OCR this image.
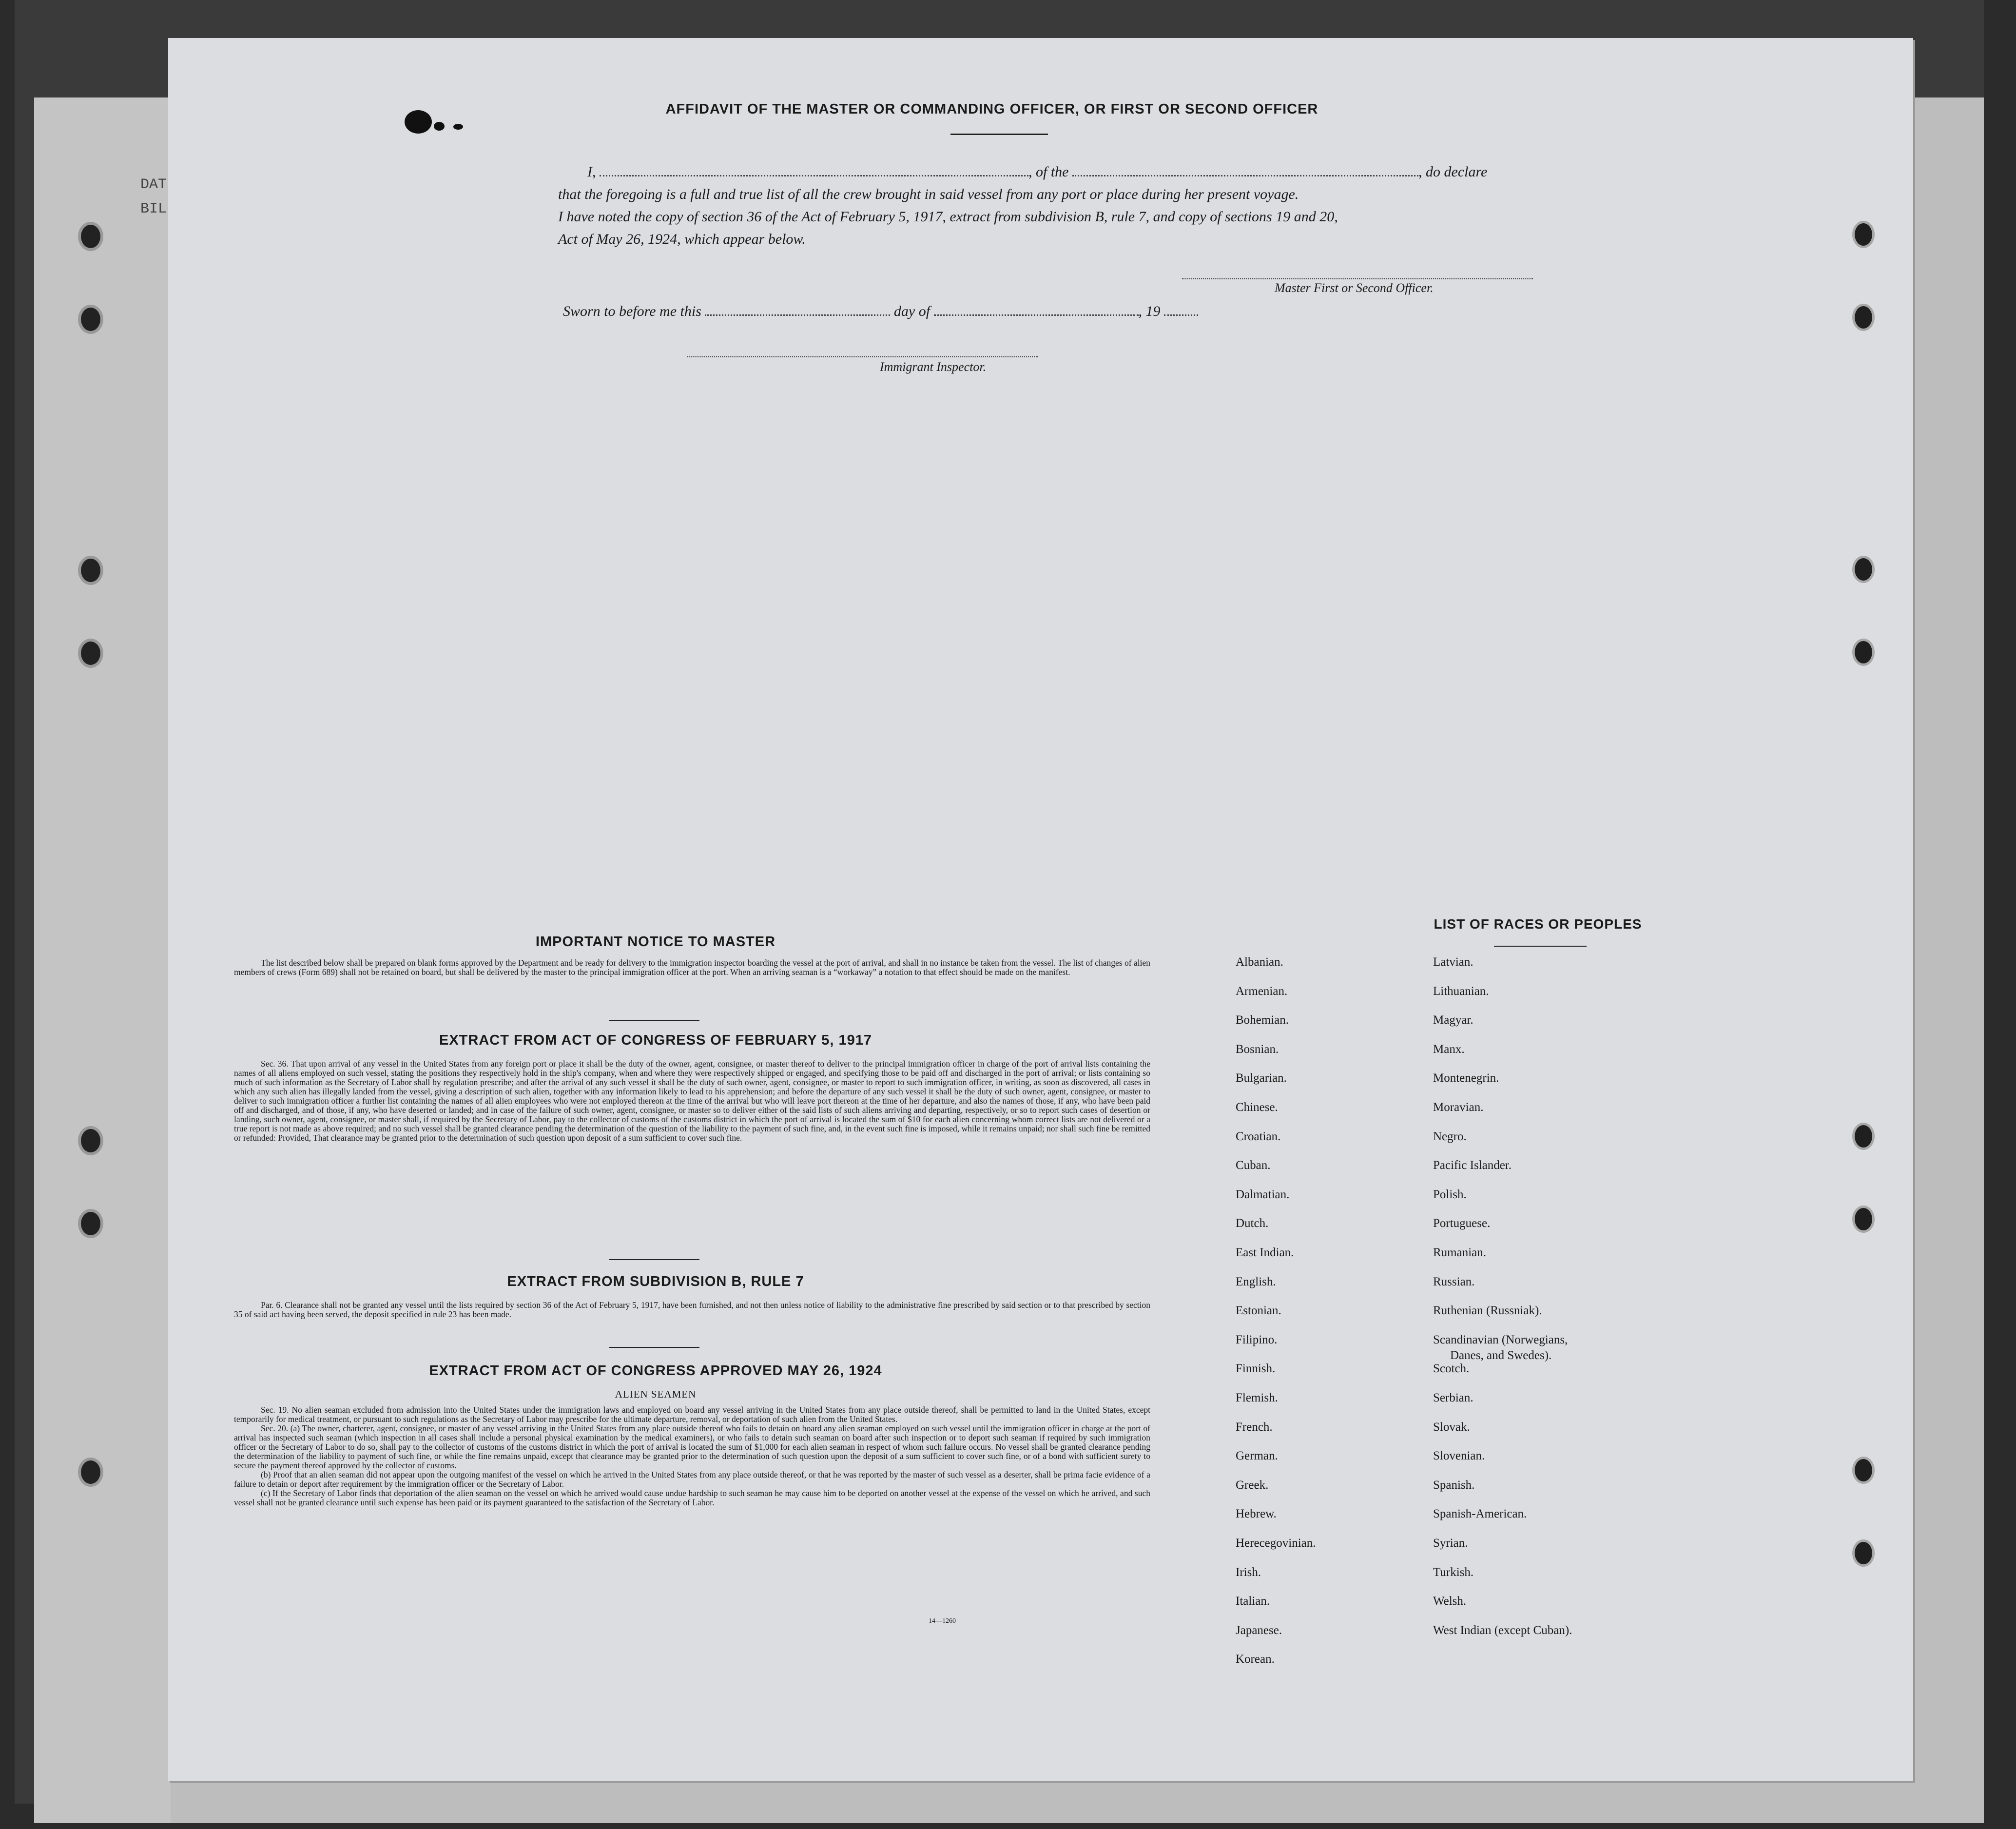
DAT
BIL
AFFIDAVIT OF THE MASTER OR COMMANDING OFFICER, OR FIRST OR SECOND OFFICER
I,	, of the	, do declare
that the foregoing is a full and true list of all the crew brought in said vessel from any port or place during her present voyage.
I have noted the copy of section 36 of the Act of February 5, 1917, extract from subdivision B, rule 7, and copy of sections 19 and 20,
Act of May 26, 1924, which appear below.
Master First or Second Officer.
Sworn to before me this	day of	, 19
Immigrant Inspector.
IMPORTANT NOTICE TO MASTER
The list described below shall be prepared on blank forms approved by the Department and be ready for delivery to the immigration inspector boarding the vessel at the port of arrival, and shall in no instance be taken from the vessel. The list of changes of alien members of crews (Form 689) shall not be retained on board, but shall be delivered by the master to the principal immigration officer at the port. When an arriving seaman is a “workaway” a notation to that effect should be made on the manifest.
EXTRACT FROM ACT OF CONGRESS OF FEBRUARY 5, 1917
Sec. 36. That upon arrival of any vessel in the United States from any foreign port or place it shall be the duty of the owner, agent, consignee, or master thereof to deliver to the principal immigration officer in charge of the port of arrival lists containing the names of all aliens employed on such vessel, stating the positions they respectively hold in the ship's company, when and where they were respectively shipped or engaged, and specifying those to be paid off and discharged in the port of arrival; or lists containing so much of such information as the Secretary of Labor shall by regulation prescribe; and after the arrival of any such vessel it shall be the duty of such owner, agent, consignee, or master to report to such immigration officer, in writing, as soon as discovered, all cases in which any such alien has illegally landed from the vessel, giving a description of such alien, together with any information likely to lead to his apprehension; and before the departure of any such vessel it shall be the duty of such owner, agent, consignee, or master to deliver to such immigration officer a further list containing the names of all alien employees who were not employed thereon at the time of the arrival but who will leave port thereon at the time of her departure, and also the names of those, if any, who have been paid off and discharged, and of those, if any, who have deserted or landed; and in case of the failure of such owner, agent, consignee, or master so to deliver either of the said lists of such aliens arriving and departing, respectively, or so to report such cases of desertion or landing, such owner, agent, consignee, or master shall, if required by the Secretary of Labor, pay to the collector of customs of the customs district in which the port of arrival is located the sum of $10 for each alien concerning whom correct lists are not delivered or a true report is not made as above required; and no such vessel shall be granted clearance pending the determination of the question of the liability to the payment of such fine, and, in the event such fine is imposed, while it remains unpaid; nor shall such fine be remitted or refunded: Provided, That clearance may be granted prior to the determination of such question upon deposit of a sum sufficient to cover such fine.
EXTRACT FROM SUBDIVISION B, RULE 7
Par. 6. Clearance shall not be granted any vessel until the lists required by section 36 of the Act of February 5, 1917, have been furnished, and not then unless notice of liability to the administrative fine prescribed by said section or to that prescribed by section 35 of said act having been served, the deposit specified in rule 23 has been made.
EXTRACT FROM ACT OF CONGRESS APPROVED MAY 26, 1924
ALIEN SEAMEN
Sec. 19. No alien seaman excluded from admission into the United States under the immigration laws and employed on board any vessel arriving in the United States from any place outside thereof, shall be permitted to land in the United States, except temporarily for medical treatment, or pursuant to such regulations as the Secretary of Labor may prescribe for the ultimate departure, removal, or deportation of such alien from the United States.
Sec. 20. (a) The owner, charterer, agent, consignee, or master of any vessel arriving in the United States from any place outside thereof who fails to detain on board any alien seaman employed on such vessel until the immigration officer in charge at the port of arrival has inspected such seaman (which inspection in all cases shall include a personal physical examination by the medical examiners), or who fails to detain such seaman on board after such inspection or to deport such seaman if required by such immigration officer or the Secretary of Labor to do so, shall pay to the collector of customs of the customs district in which the port of arrival is located the sum of $1,000 for each alien seaman in respect of whom such failure occurs. No vessel shall be granted clearance pending the determination of the liability to payment of such fine, or while the fine remains unpaid, except that clearance may be granted prior to the determination of such question upon the deposit of a sum sufficient to cover such fine, or of a bond with sufficient surety to secure the payment thereof approved by the collector of customs.
(b) Proof that an alien seaman did not appear upon the outgoing manifest of the vessel on which he arrived in the United States from any place outside thereof, or that he was reported by the master of such vessel as a deserter, shall be prima facie evidence of a failure to detain or deport after requirement by the immigration officer or the Secretary of Labor.
(c) If the Secretary of Labor finds that deportation of the alien seaman on the vessel on which he arrived would cause undue hardship to such seaman he may cause him to be deported on another vessel at the expense of the vessel on which he arrived, and such vessel shall not be granted clearance until such expense has been paid or its payment guaranteed to the satisfaction of the Secretary of Labor.
14—1260
LIST OF RACES OR PEOPLES
Albanian.
Armenian.
Bohemian.
Bosnian.
Bulgarian.
Chinese.
Croatian.
Cuban.
Dalmatian.
Dutch.
East Indian.
English.
Estonian.
Filipino.
Finnish.
Flemish.
French.
German.
Greek.
Hebrew.
Herecegovinian.
Irish.
Italian.
Japanese.
Korean.
Latvian.
Lithuanian.
Magyar.
Manx.
Montenegrin.
Moravian.
Negro.
Pacific Islander.
Polish.
Portuguese.
Rumanian.
Russian.
Ruthenian (Russniak).
Scandinavian (Norwegians,
Danes, and Swedes).
Scotch.
Serbian.
Slovak.
Slovenian.
Spanish.
Spanish-American.
Syrian.
Turkish.
Welsh.
West Indian (except Cuban).
